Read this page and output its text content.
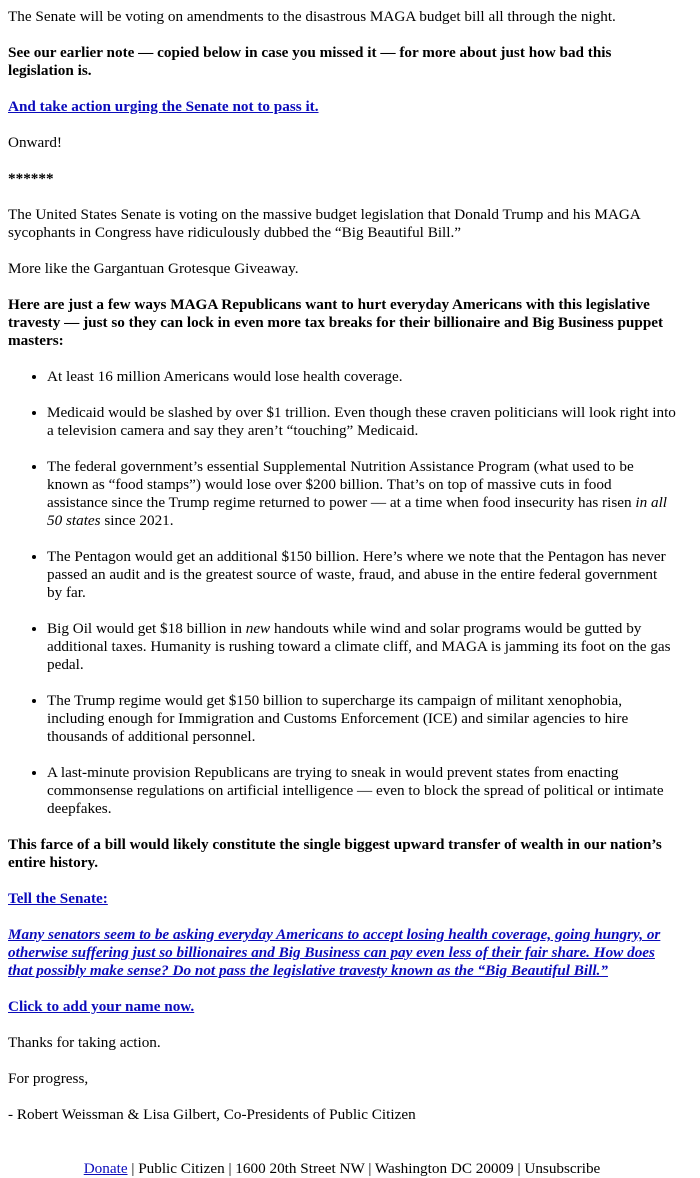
The Senate will be voting on amendments to the disastrous MAGA budget bill all through the night.

See our earlier note — copied below in case you missed it — for more about just how bad this legislation is.

And take action urging the Senate not to pass it.

Onward!

******

The United States Senate is voting on the massive budget legislation that Donald Trump and his MAGA sycophants in Congress have ridiculously dubbed the “Big Beautiful Bill.”

More like the Gargantuan Grotesque Giveaway.

Here are just a few ways MAGA Republicans want to hurt everyday Americans with this legislative travesty — just so they can lock in even more tax breaks for their billionaire and Big Business puppet masters:

• At least 16 million Americans would lose health coverage.
• Medicaid would be slashed by over $1 trillion. Even though these craven politicians will look right into a television camera and say they aren’t “touching” Medicaid.
• The federal government’s essential Supplemental Nutrition Assistance Program (what used to be known as “food stamps”) would lose over $200 billion. That’s on top of massive cuts in food assistance since the Trump regime returned to power — at a time when food insecurity has risen in all 50 states since 2021.
• The Pentagon would get an additional $150 billion. Here’s where we note that the Pentagon has never passed an audit and is the greatest source of waste, fraud, and abuse in the entire federal government by far.
• Big Oil would get $18 billion in new handouts while wind and solar programs would be gutted by additional taxes. Humanity is rushing toward a climate cliff, and MAGA is jamming its foot on the gas pedal.
• The Trump regime would get $150 billion to supercharge its campaign of militant xenophobia, including enough for Immigration and Customs Enforcement (ICE) and similar agencies to hire thousands of additional personnel.
• A last-minute provision Republicans are trying to sneak in would prevent states from enacting commonsense regulations on artificial intelligence — even to block the spread of political or intimate deepfakes.

This farce of a bill would likely constitute the single biggest upward transfer of wealth in our nation’s entire history.

Tell the Senate:

Many senators seem to be asking everyday Americans to accept losing health coverage, going hungry, or otherwise suffering just so billionaires and Big Business can pay even less of their fair share. How does that possibly make sense? Do not pass the legislative travesty known as the “Big Beautiful Bill.”

Click to add your name now.

Thanks for taking action.

For progress,

- Robert Weissman & Lisa Gilbert, Co-Presidents of Public Citizen

Donate | Public Citizen | 1600 20th Street NW | Washington DC 20009 | Unsubscribe
